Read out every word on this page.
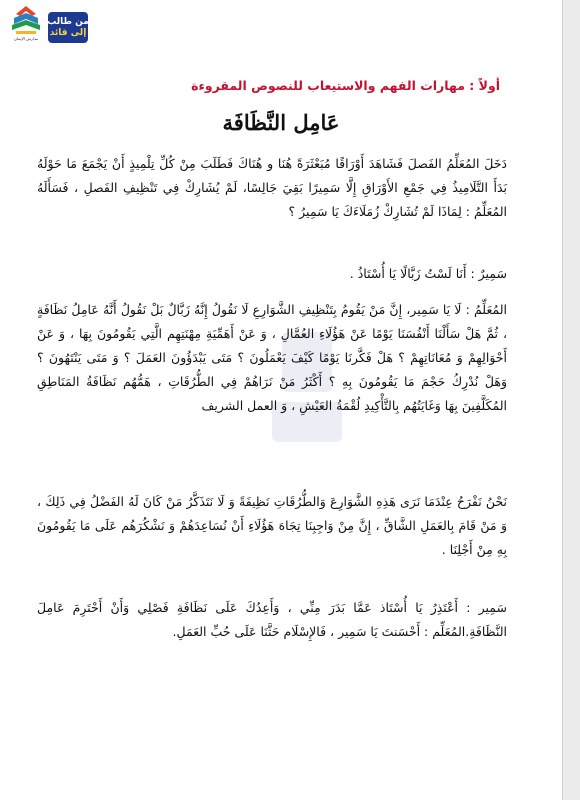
مدارس الإيمان
من طالب
إلى قائد
أولاً : مهارات الفهم والاستيعاب للنصوص المقروءة
عَامِل النَّظَافَة
دَخَلَ المُعَلِّمُ الفَصلَ فَشَاهَدَ أَوْرَاقًا مُبَعْثَرَةً هُنَا و هُنَاكَ فَطَلَبَ مِنْ كُلِّ تِلْمِيذٍ أَنْ يَجْمَعَ مَا حَوْلَهُ بَدَأَ التَّلَامِيذُ فِي جَمْعِ الأَوْرَاقِ إِلَّا سَمِيرًا بَقِيَ جَالِسًا، لَمْ يُشَارِكْ فِي تَنْظِيفِ الفَصلِ ، فَسَأَلَهُ المُعَلِّمُ : لِمَاذَا لَمْ تُشَارِكْ زُمَلَاءَكَ يَا سَمِيرُ ؟
سَمِيرٌ : أَنَا لَسْتُ زَبَّالًا يَا أُسْتَاذُ .
المُعَلِّمُ : لَا يَا سَمِير، إِنَّ مَنْ يَقُومُ بِتَنْظِيفِ الشَّوَارِعِ لَا نَقُولُ إِنَّهُ زَبَّالٌ بَلْ نَقُولُ أَنَّهُ عَامِلُ نَظَافَةٍ ، ثُمَّ هَلْ سَأَلْنَا أَنْفُسَنَا يَوْمًا عَنْ هَؤُلَاءِ العُمَّالِ ، وَ عَنْ أَهَمِّيَةِ مِهْنَتِهِم الَّتِي يَقُومُونَ بِهَا ، وَ عَنْ أَحْوَالِهِمْ وَ مُعَانَاتِهِمْ ؟ هَلْ فَكَّرنَا يَوْمًا كَيْفَ يَعْمَلُونَ ؟ مَتَى يَبْدَؤُونَ العَمَلَ ؟ وَ مَتَى يَنْتَهُونَ ؟ وَهَلْ نُدْرِكُ حَجْمَ مَا يَقُومُونَ بِهِ ؟ أَكْثَرُ مَنْ نَرَاهُمْ فِي الطُّرُقَاتِ ، هَمُّهُم نَظَافَةُ المَنَاطِقِ المُكَلَّفِينَ بِهَا وَغَايَتُهُم بِالتَّأْكِيدِ لُقْمَةُ العَيْشِ ، وَ العمل الشريف
نَحْنُ نَفْرَحُ عِنْدَمَا نَرَى هَذِهِ الشَّوَارِعَ وَالطُّرُقَاتِ نَظِيفَةً وَ لَا نَتَذَكَّرُ مَنْ كَانَ لَهُ الفَضْلُ فِي ذَلِكَ ، وَ مَنْ قَامَ بِالعَمَلِ الشَّاقِّ ، إِنَّ مِنْ وَاجِبِنَا تِجَاهَ هَؤُلَاءِ أَنْ نُسَاعِدَهُمْ وَ نَشْكُرَهُم عَلَى مَا يَقُومُونَ بِهِ مِنْ أَجْلِنَا .
سَمِير : أَعْتَذِرُ يَا أُسْتَاذ عَمَّا بَدَرَ مِنِّي ، وَأَعِدُكَ عَلَى نَظَافَةِ فَصْلِي وَأَنْ أَحْتَرِمَ عَامِلَ النَّظَافَةِ.المُعَلِّم : أَحْسَنتَ يَا سَمِير ، فَالإِسْلَام حَثَّنَا عَلَى حُبِّ العَمَلِ.
